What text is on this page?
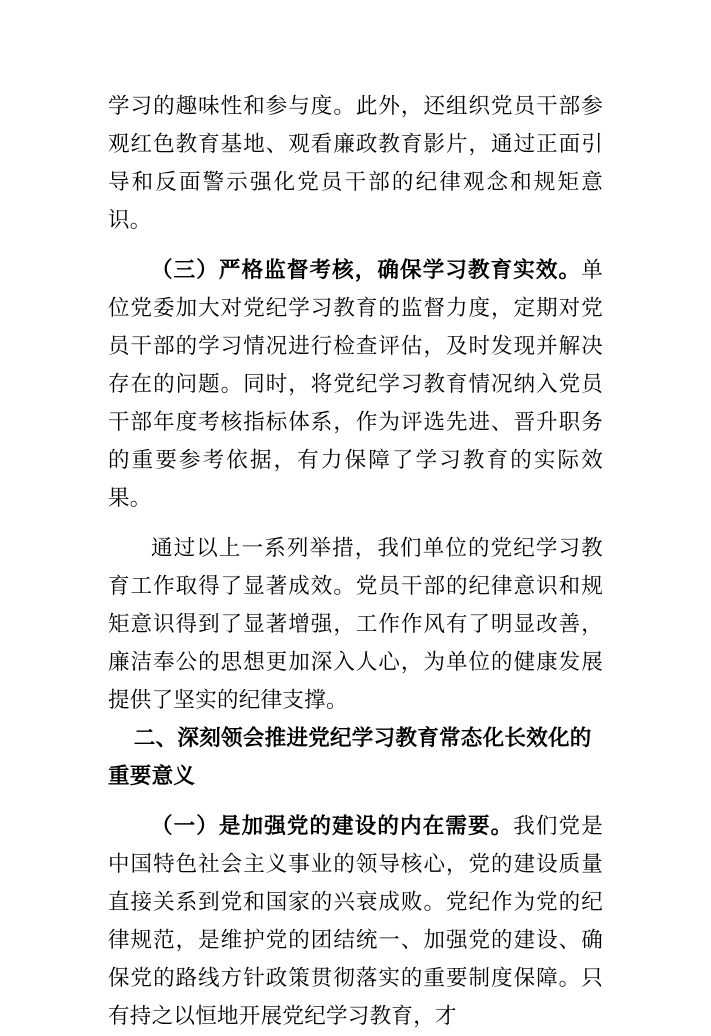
学习的趣味性和参与度。此外，还组织党员干部参观红色教育基地、观看廉政教育影片，通过正面引导和反面警示强化党员干部的纪律观念和规矩意识。

（三）严格监督考核，确保学习教育实效。单位党委加大对党纪学习教育的监督力度，定期对党员干部的学习情况进行检查评估，及时发现并解决存在的问题。同时，将党纪学习教育情况纳入党员干部年度考核指标体系，作为评选先进、晋升职务的重要参考依据，有力保障了学习教育的实际效果。

通过以上一系列举措，我们单位的党纪学习教育工作取得了显著成效。党员干部的纪律意识和规矩意识得到了显著增强，工作作风有了明显改善，廉洁奉公的思想更加深入人心，为单位的健康发展提供了坚实的纪律支撑。

二、深刻领会推进党纪学习教育常态化长效化的重要意义

（一）是加强党的建设的内在需要。我们党是中国特色社会主义事业的领导核心，党的建设质量直接关系到党和国家的兴衰成败。党纪作为党的纪律规范，是维护党的团结统一、加强党的建设、确保党的路线方针政策贯彻落实的重要制度保障。只有持之以恒地开展党纪学习教育，才
